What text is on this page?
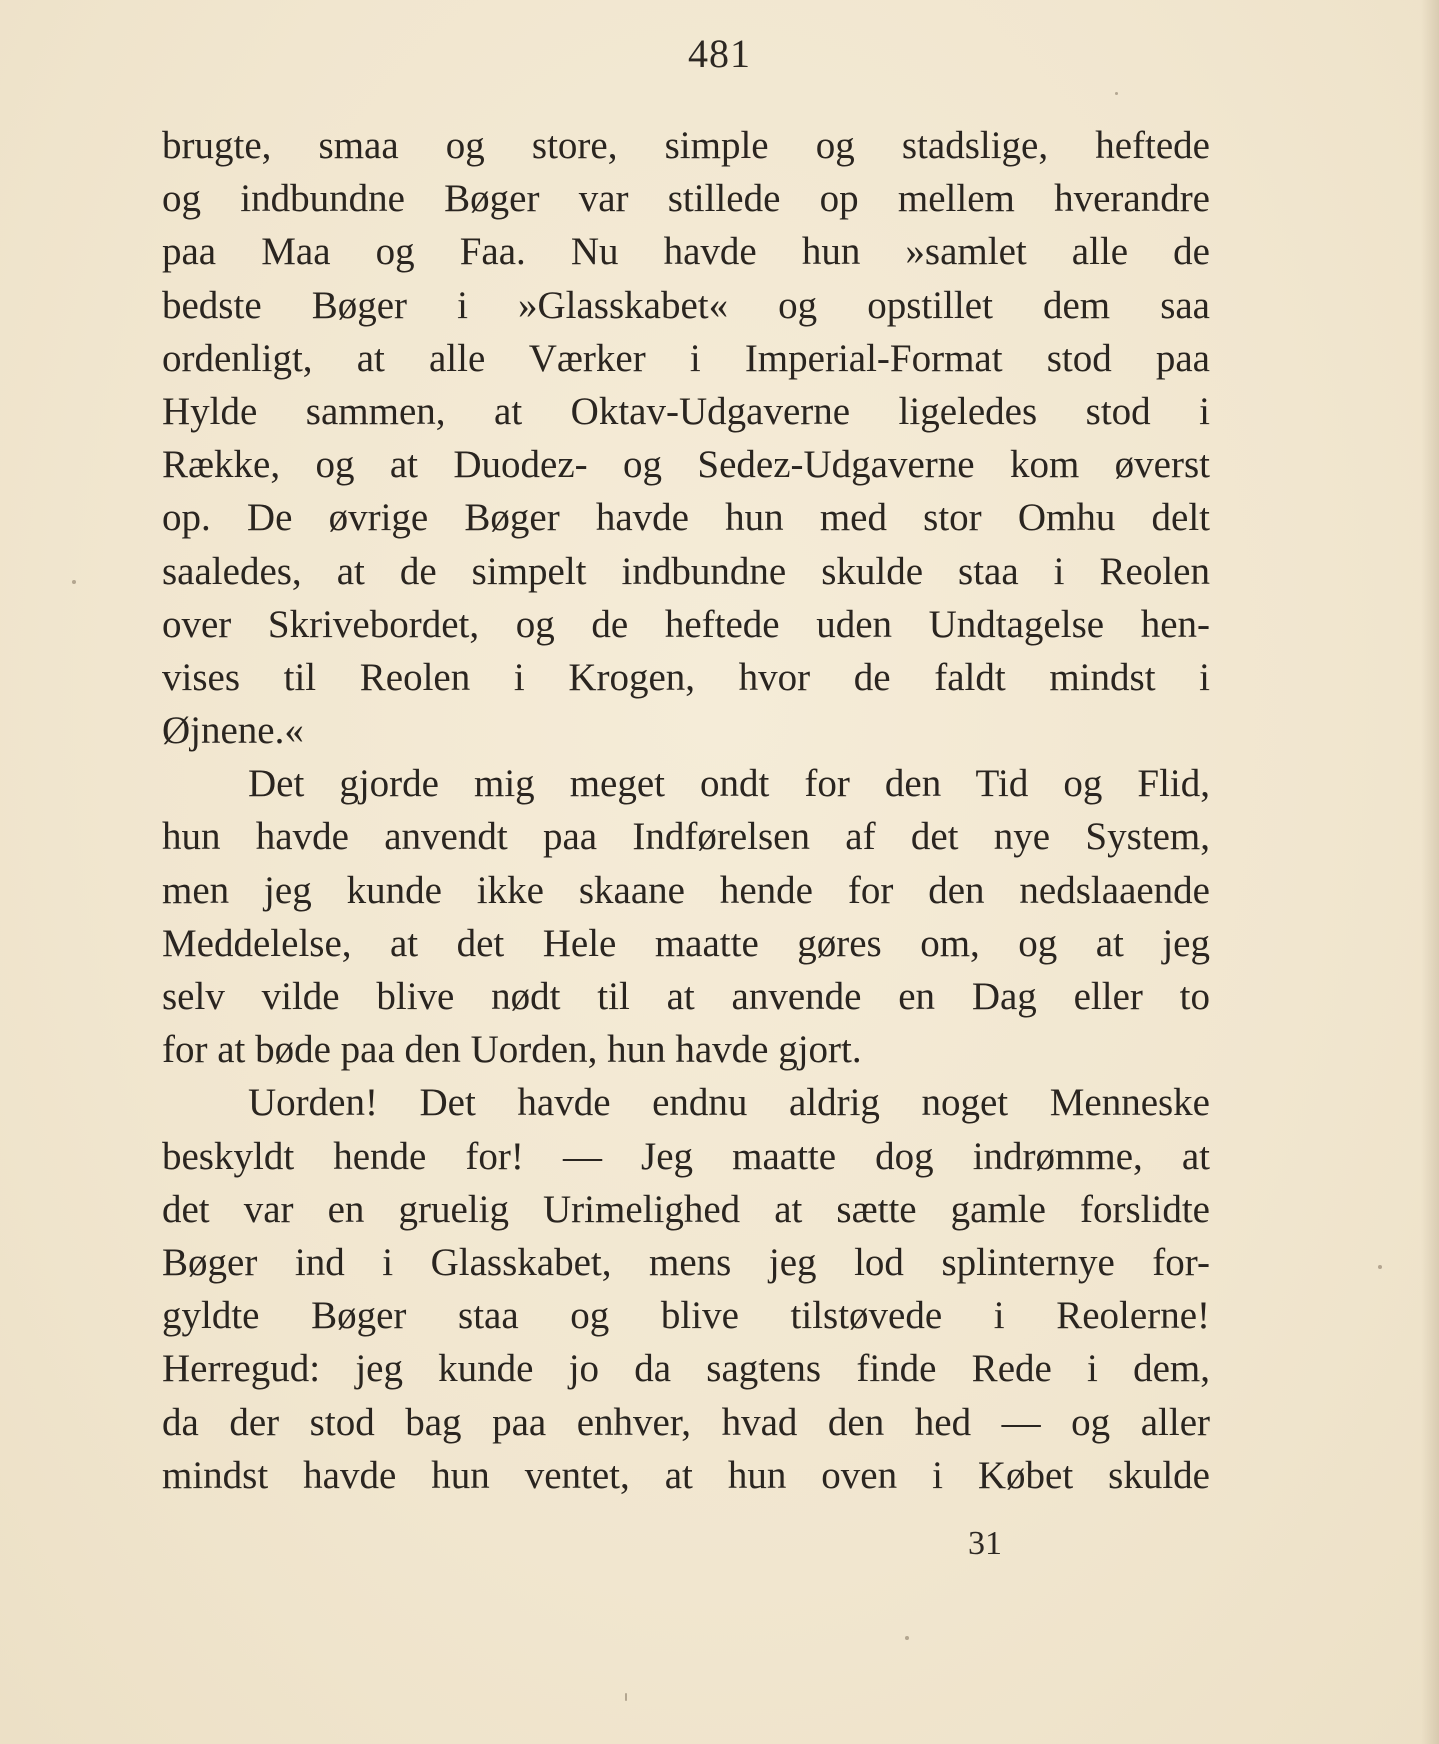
481
brugte, smaa og store, simple og stadslige, heftede
og indbundne Bøger var stillede op mellem hverandre
paa Maa og Faa. Nu havde hun »samlet alle de
bedste Bøger i »Glasskabet« og opstillet dem saa
ordenligt, at alle Værker i Imperial-Format stod paa
Hylde sammen, at Oktav-Udgaverne ligeledes stod i
Række, og at Duodez- og Sedez-Udgaverne kom øverst
op. De øvrige Bøger havde hun med stor Omhu delt
saaledes, at de simpelt indbundne skulde staa i Reolen
over Skrivebordet, og de heftede uden Undtagelse hen-
vises til Reolen i Krogen, hvor de faldt mindst i
Øjnene.«
Det gjorde mig meget ondt for den Tid og Flid,
hun havde anvendt paa Indførelsen af det nye System,
men jeg kunde ikke skaane hende for den nedslaaende
Meddelelse, at det Hele maatte gøres om, og at jeg
selv vilde blive nødt til at anvende en Dag eller to
for at bøde paa den Uorden, hun havde gjort.
Uorden! Det havde endnu aldrig noget Menneske
beskyldt hende for! — Jeg maatte dog indrømme, at
det var en gruelig Urimelighed at sætte gamle forslidte
Bøger ind i Glasskabet, mens jeg lod splinternye for-
gyldte Bøger staa og blive tilstøvede i Reolerne!
Herregud: jeg kunde jo da sagtens finde Rede i dem,
da der stod bag paa enhver, hvad den hed — og aller
mindst havde hun ventet, at hun oven i Købet skulde
31
